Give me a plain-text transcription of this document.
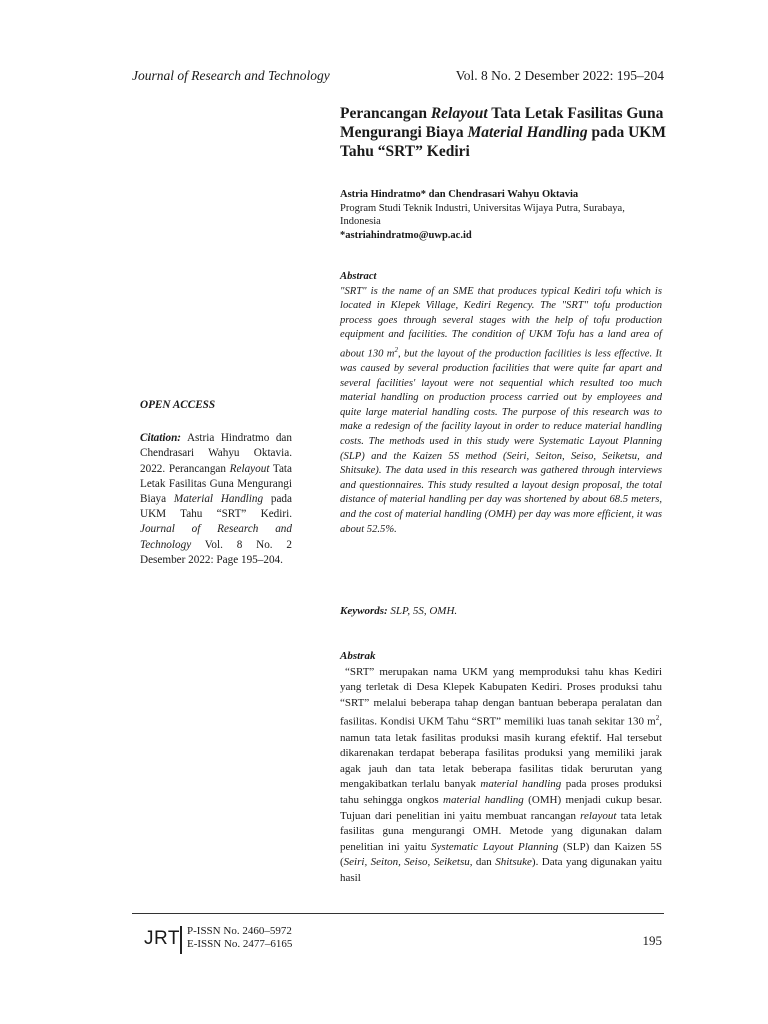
Journal of Research and Technology	Vol. 8 No. 2 Desember 2022: 195–204
Perancangan Relayout Tata Letak Fasilitas Guna Mengurangi Biaya Material Handling pada UKM Tahu “SRT” Kediri
Astria Hindratmo* dan Chendrasari Wahyu Oktavia
Program Studi Teknik Industri, Universitas Wijaya Putra, Surabaya, Indonesia
*astriahindratmo@uwp.ac.id
Abstract
"SRT" is the name of an SME that produces typical Kediri tofu which is located in Klepek Village, Kediri Regency. The "SRT" tofu production process goes through several stages with the help of tofu production equipment and facilities. The condition of UKM Tofu has a land area of about 130 $m^2$, but the layout of the production facilities is less effective. It was caused by several production facilities that were quite far apart and several facilities' layout were not sequential which resulted too much material handling on production process carried out by employees and quite large material handling costs. The purpose of this research was to make a redesign of the facility layout in order to reduce material handling costs. The methods used in this study were Systematic Layout Planning (SLP) and the Kaizen 5S method (Seiri, Seiton, Seiso, Seiketsu, and Shitsuke). The data used in this research was gathered through interviews and questionnaires. This study resulted a layout design proposal, the total distance of material handling per day was shortened by about 68.5 meters, and the cost of material handling (OMH) per day was more efficient, it was about 52.5%.
Keywords: SLP, 5S, OMH.
Abstrak
“SRT” merupakan nama UKM yang memproduksi tahu khas Kediri yang terletak di Desa Klepek Kabupaten Kediri. Proses produksi tahu “SRT” melalui beberapa tahap dengan bantuan beberapa peralatan dan fasilitas. Kondisi UKM Tahu “SRT” memiliki luas tanah sekitar 130 $m^2$, namun tata letak fasilitas produksi masih kurang efektif. Hal tersebut dikarenakan terdapat beberapa fasilitas produksi yang memiliki jarak agak jauh dan tata letak beberapa fasilitas tidak berurutan yang mengakibatkan terlalu banyak material handling pada proses produksi tahu sehingga ongkos material handling (OMH) menjadi cukup besar. Tujuan dari penelitian ini yaitu membuat rancangan relayout tata letak fasilitas guna mengurangi OMH. Metode yang digunakan dalam penelitian ini yaitu Systematic Layout Planning (SLP) dan Kaizen 5S (Seiri, Seiton, Seiso, Seiketsu, dan Shitsuke). Data yang digunakan yaitu hasil
OPEN ACCESS
Citation: Astria Hindratmo dan Chendrasari Wahyu Oktavia. 2022. Perancangan Relayout Tata Letak Fasilitas Guna Mengurangi Biaya Material Handling pada UKM Tahu “SRT” Kediri. Journal of Research and Technology Vol. 8 No. 2 Desember 2022: Page 195–204.
JRT P-ISSN No. 2460–5972
E-ISSN No. 2477–6165	195
